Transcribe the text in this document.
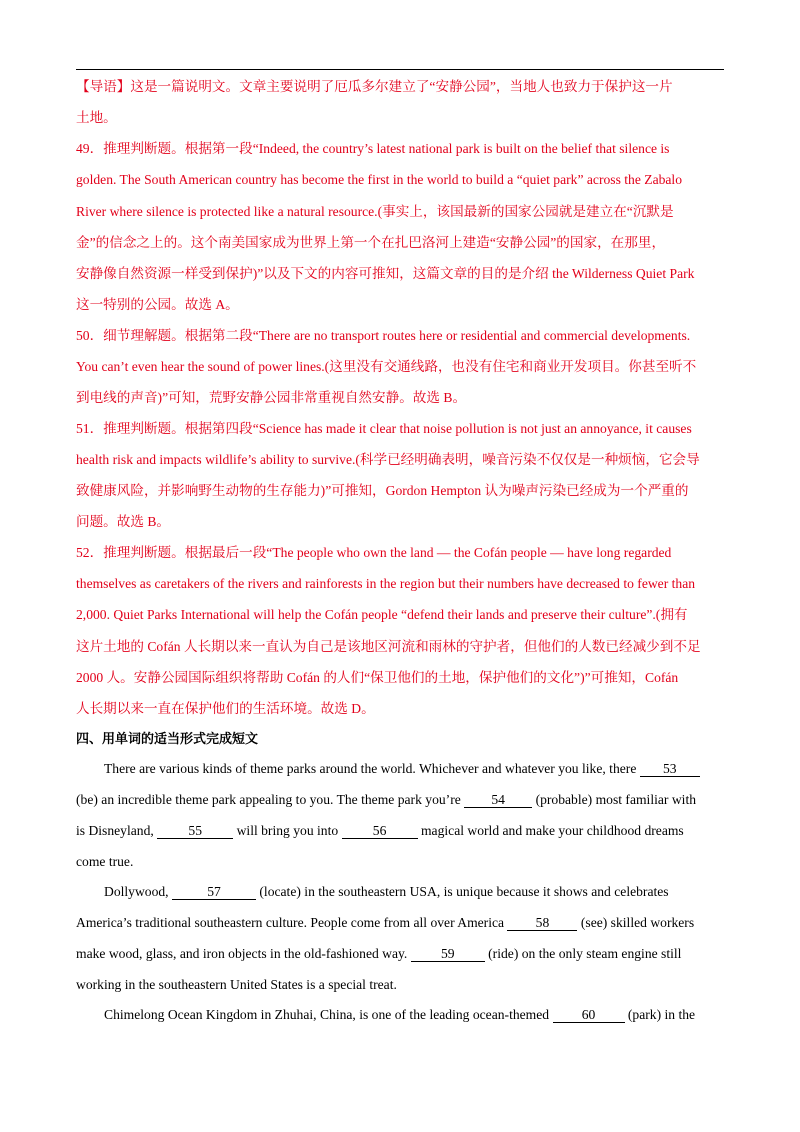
【导语】这是一篇说明文。文章主要说明了厄瓜多尔建立了“安静公园”，当地人也致力于保护这一片
土地。
49．推理判断题。根据第一段“Indeed, the country’s latest national park is built on the belief that silence is
golden. The South American country has become the first in the world to build a “quiet park” across the Zabalo
River where silence is protected like a natural resource.(事实上，该国最新的国家公园就是建立在“沉默是
金”的信念之上的。这个南美国家成为世界上第一个在扎巴洛河上建造“安静公园”的国家，在那里，
安静像自然资源一样受到保护)”以及下文的内容可推知，这篇文章的目的是介绍 the Wilderness Quiet Park
这一特别的公园。故选 A。
50．细节理解题。根据第二段“There are no transport routes here or residential and commercial developments.
You can’t even hear the sound of power lines.(这里没有交通线路，也没有住宅和商业开发项目。你甚至听不
到电线的声音)”可知，荒野安静公园非常重视自然安静。故选 B。
51．推理判断题。根据第四段“Science has made it clear that noise pollution is not just an annoyance, it causes
health risk and impacts wildlife’s ability to survive.(科学已经明确表明，噪音污染不仅仅是一种烦恼，它会导
致健康风险，并影响野生动物的生存能力)”可推知，Gordon Hempton 认为噪声污染已经成为一个严重的
问题。故选 B。
52．推理判断题。根据最后一段“The people who own the land — the Cofán people — have long regarded
themselves as caretakers of the rivers and rainforests in the region but their numbers have decreased to fewer than
2,000. Quiet Parks International will help the Cofán people “defend their lands and preserve their culture”.(拥有
这片土地的 Cofán 人长期以来一直认为自己是该地区河流和雨林的守护者，但他们的人数已经减少到不足
2000 人。安静公园国际组织将帮助 Cofán 的人们“保卫他们的土地，保护他们的文化”)”可推知，Cofán
人长期以来一直在保护他们的生活环境。故选 D。
四、用单词的适当形式完成短文
There are various kinds of theme parks around the world. Whichever and whatever you like, there 53
(be) an incredible theme park appealing to you. The theme park you’re 54 (probable) most familiar with
is Disneyland,	55	will bring you into	56	magical world and make your childhood dreams
come true.
Dollywood,	57	(locate) in the southeastern USA, is unique because it shows and celebrates
America’s traditional southeastern culture. People come from all over America 58 (see) skilled workers
make wood, glass, and iron objects in the old-fashioned way. 59 (ride) on the only steam engine still
working in the southeastern United States is a special treat.
Chimelong Ocean Kingdom in Zhuhai, China, is one of the leading ocean-themed 60 (park) in the
